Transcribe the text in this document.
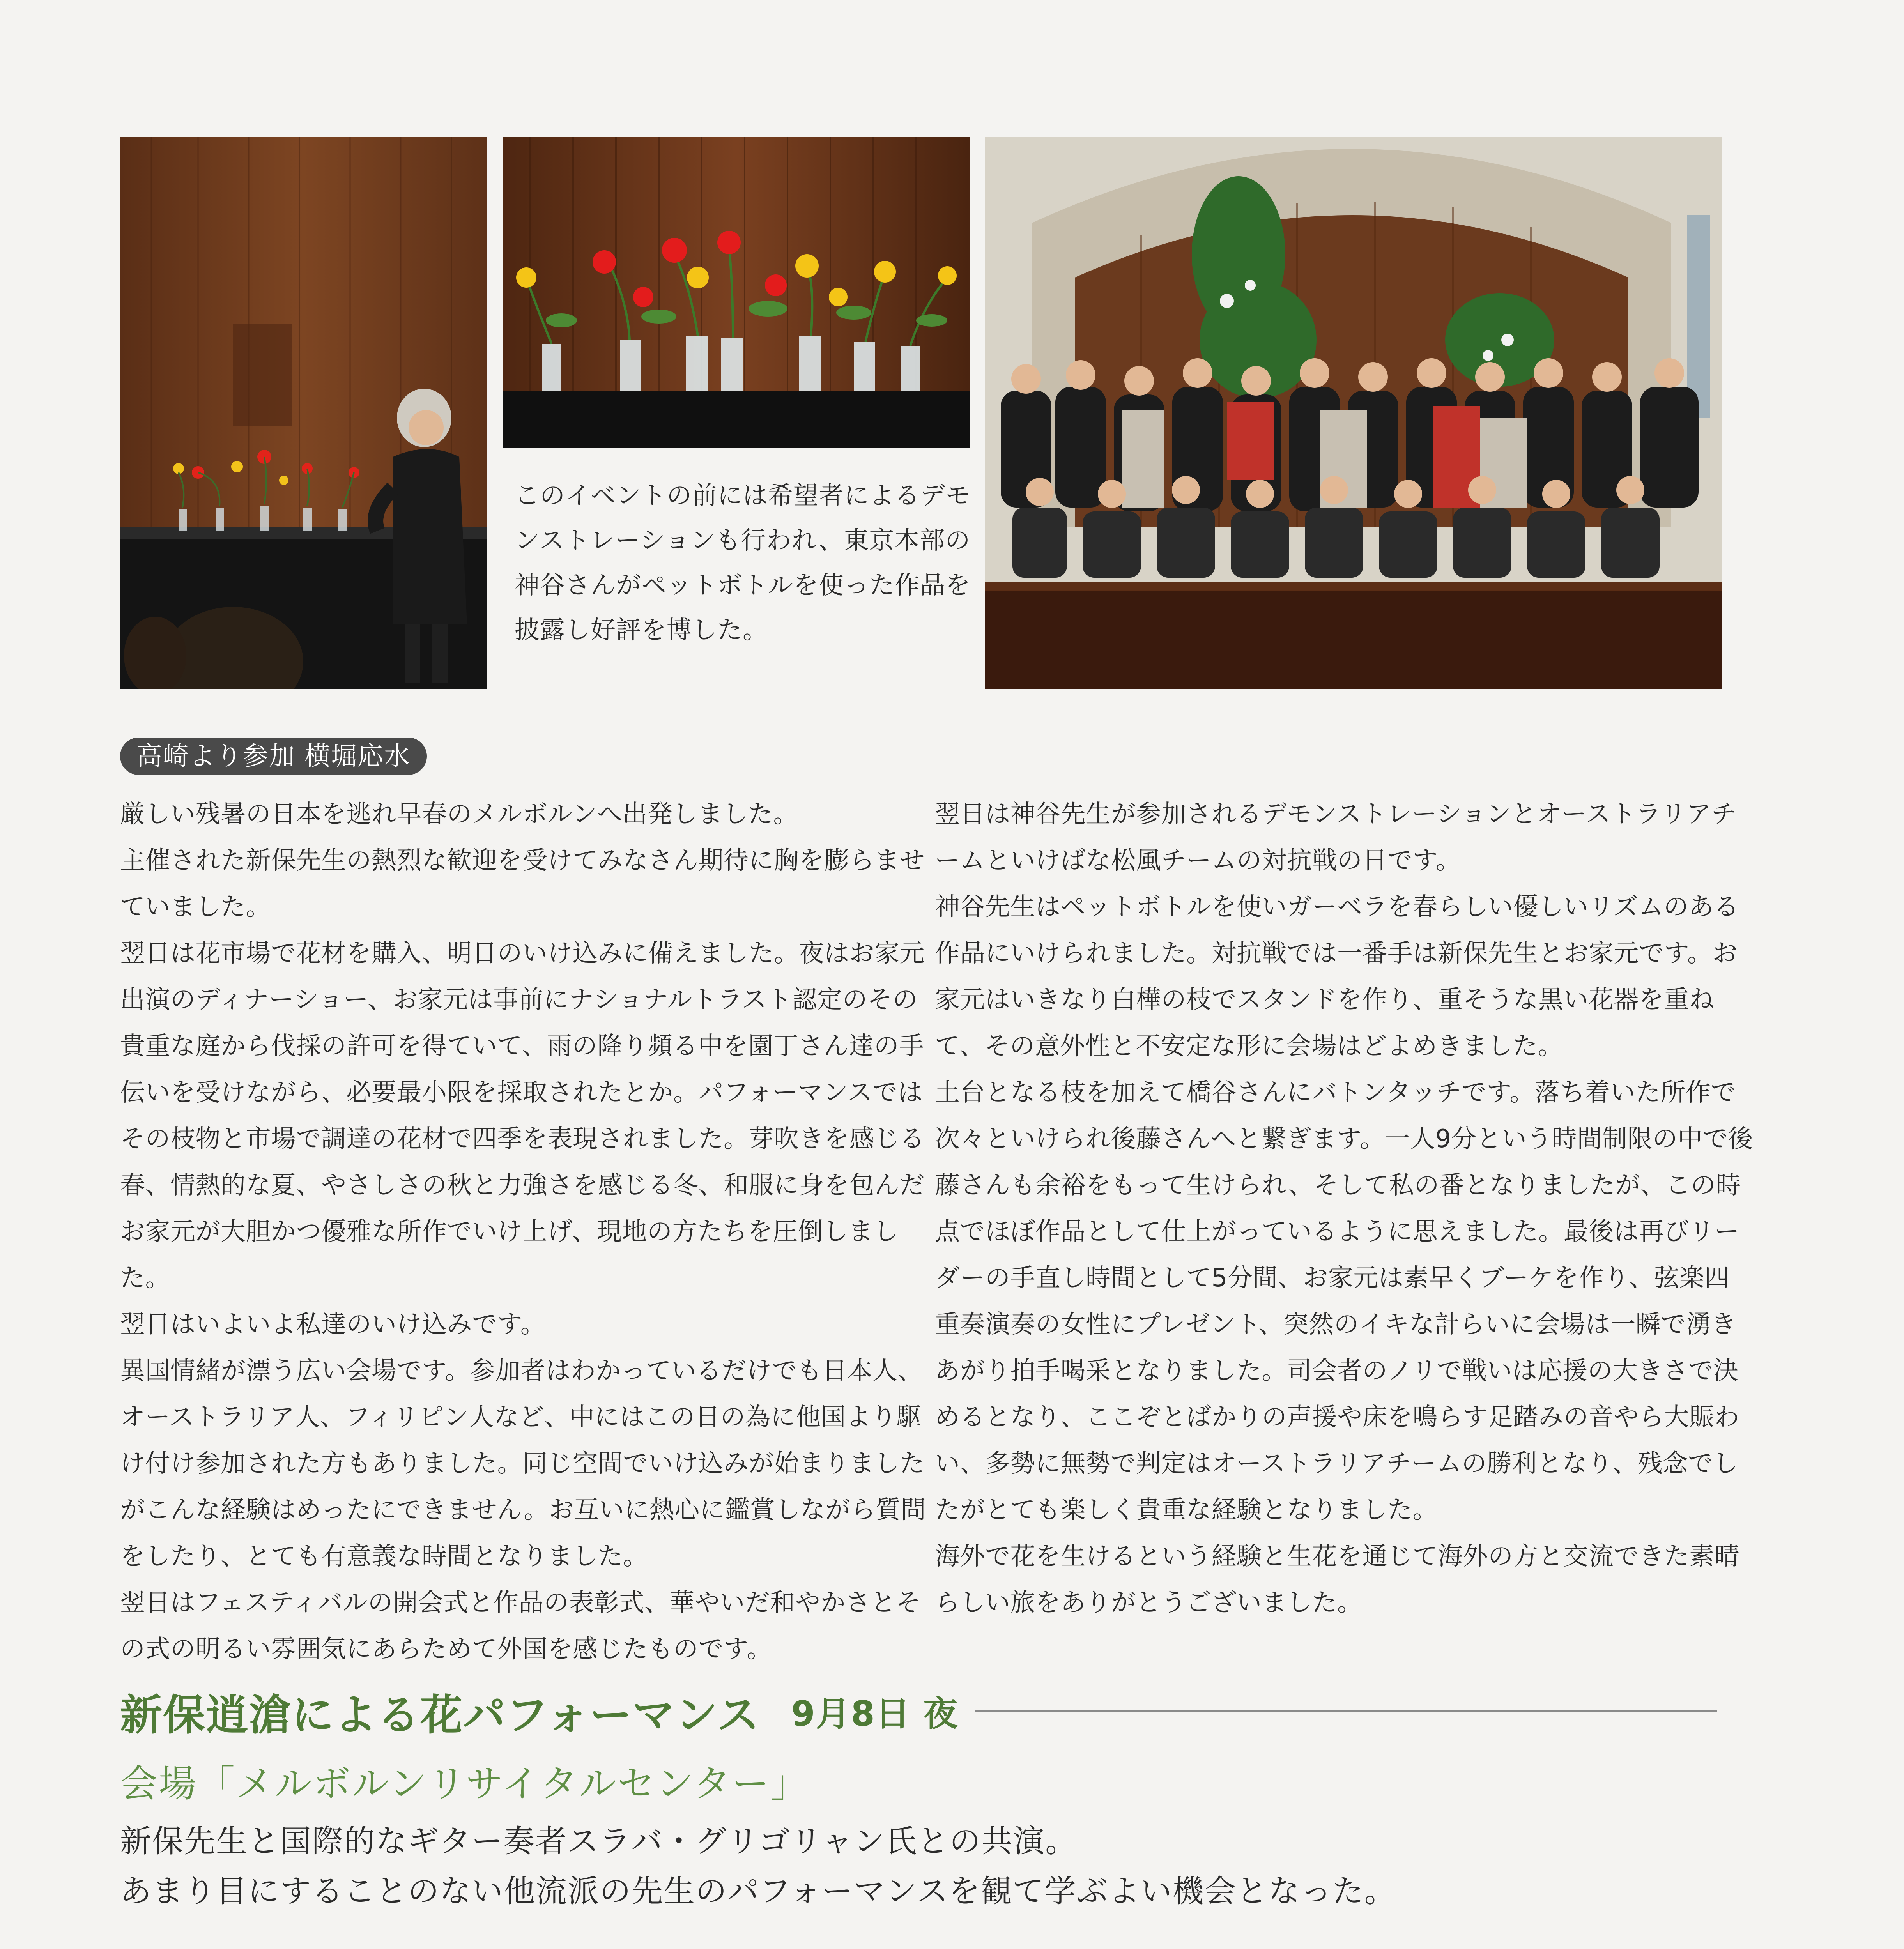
このイベントの前には希望者によるデモンストレーションも行われ、東京本部の神谷さんがペットボトルを使った作品を披露し好評を博した。
高崎より参加 横堀応水

厳しい残暑の日本を逃れ早春のメルボルンへ出発しました。

主催された新保先生の熱烈な歓迎を受けてみなさん期待に胸を膨らませていました。

翌日は花市場で花材を購入、明日のいけ込みに備えました。夜はお家元出演のディナーショー、お家元は事前にナショナルトラスト認定のその貴重な庭から伐採の許可を得ていて、雨の降り頻る中を園丁さん達の手伝いを受けながら、必要最小限を採取されたとか。パフォーマンスではその枝物と市場で調達の花材で四季を表現されました。芽吹きを感じる春、情熱的な夏、やさしさの秋と力強さを感じる冬、和服に身を包んだお家元が大胆かつ優雅な所作でいけ上げ、現地の方たちを圧倒しました。

翌日はいよいよ私達のいけ込みです。

異国情緒が漂う広い会場です。参加者はわかっているだけでも日本人、オーストラリア人、フィリピン人など、中にはこの日の為に他国より駆け付け参加された方もありました。同じ空間でいけ込みが始まりましたがこんな経験はめったにできません。お互いに熱心に鑑賞しながら質問をしたり、とても有意義な時間となりました。

翌日はフェスティバルの開会式と作品の表彰式、華やいだ和やかさとその式の明るい雰囲気にあらためて外国を感じたものです。

翌日は神谷先生が参加されるデモンストレーションとオーストラリアチームといけばな松風チームの対抗戦の日です。

神谷先生はペットボトルを使いガーベラを春らしい優しいリズムのある作品にいけられました。対抗戦では一番手は新保先生とお家元です。お家元はいきなり白樺の枝でスタンドを作り、重そうな黒い花器を重ねて、その意外性と不安定な形に会場はどよめきました。

土台となる枝を加えて橋谷さんにバトンタッチです。落ち着いた所作で次々といけられ後藤さんへと繋ぎます。一人9分という時間制限の中で後藤さんも余裕をもって生けられ、そして私の番となりましたが、この時点でほぼ作品として仕上がっているように思えました。最後は再びリーダーの手直し時間として5分間、お家元は素早くブーケを作り、弦楽四重奏演奏の女性にプレゼント、突然のイキな計らいに会場は一瞬で湧きあがり拍手喝采となりました。司会者のノリで戦いは応援の大きさで決めるとなり、ここぞとばかりの声援や床を鳴らす足踏みの音やら大賑わい、多勢に無勢で判定はオーストラリアチームの勝利となり、残念でしたがとても楽しく貴重な経験となりました。

海外で花を生けるという経験と生花を通じて海外の方と交流できた素晴らしい旅をありがとうございました。

新保逍滄による花パフォーマンス 9月8日 夜
会場「メルボルンリサイタルセンター」

新保先生と国際的なギター奏者スラバ・グリゴリャン氏との共演。

あまり目にすることのない他流派の先生のパフォーマンスを観て学ぶよい機会となった。
